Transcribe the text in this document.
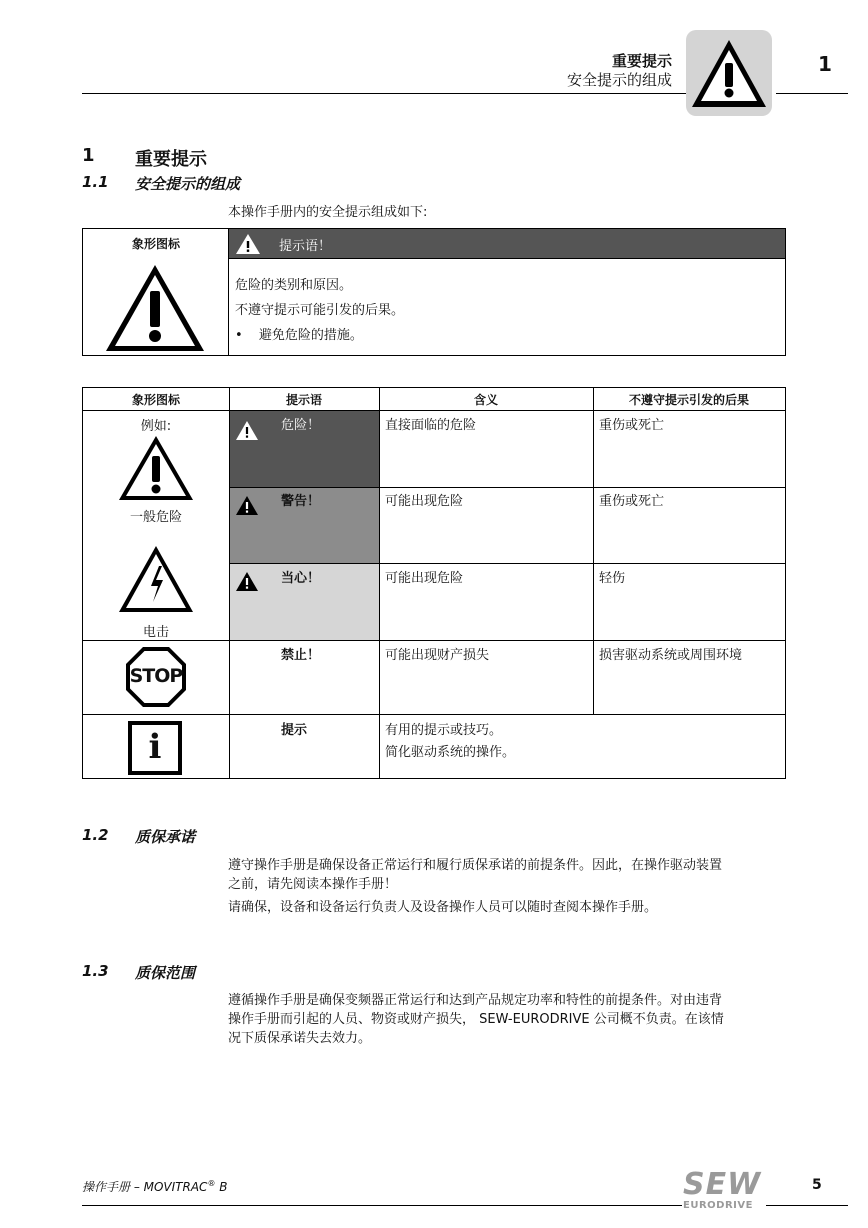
重要提示
安全提示的组成
1
1 重要提示
1.1 安全提示的组成
本操作手册内的安全提示组成如下:
象形图标	提示语！
危险的类别和原因。
不遵守提示可能引发的后果。
• 避免危险的措施。
象形图标	提示语	含义	不遵守提示引发的后果
例如:
一般危险
电击
STOP
i
危险！	直接面临的危险	重伤或死亡
警告！	可能出现危险	重伤或死亡
当心！	可能出现危险	轻伤
禁止！	可能出现财产损失	损害驱动系统或周围环境
提示	有用的提示或技巧。
简化驱动系统的操作。
1.2 质保承诺
遵守操作手册是确保设备正常运行和履行质保承诺的前提条件。因此，在操作驱动装置
之前，请先阅读本操作手册！
请确保，设备和设备运行负责人及设备操作人员可以随时查阅本操作手册。
1.3 质保范围
遵循操作手册是确保变频器正常运行和达到产品规定功率和特性的前提条件。对由违背
操作手册而引起的人员、物资或财产损失， SEW-EURODRIVE 公司概不负责。在该情
况下质保承诺失去效力。
操作手册 – MOVITRAC® B	SEW
EURODRIVE
5
